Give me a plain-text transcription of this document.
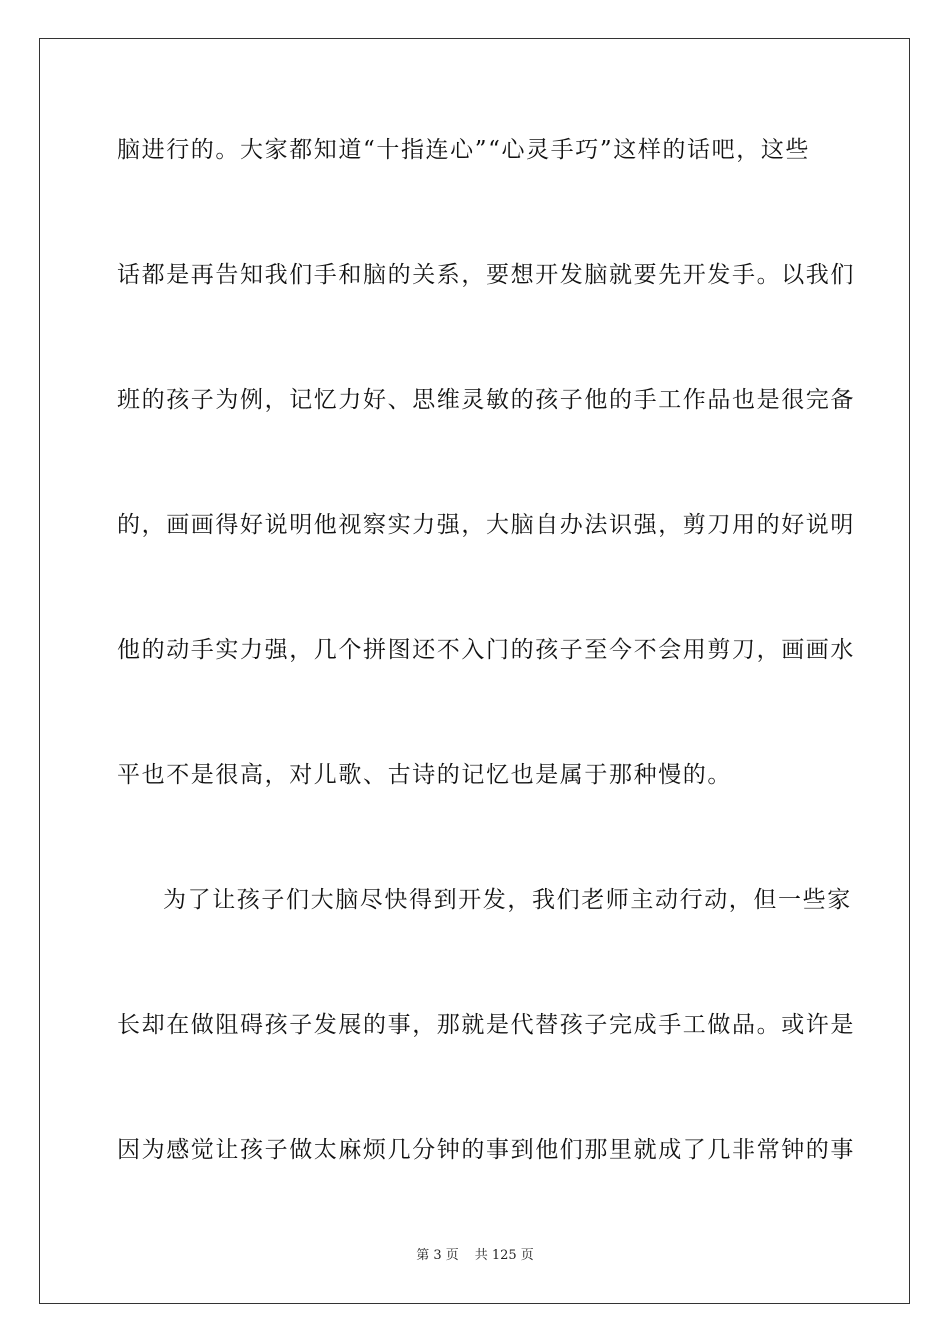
脑进行的。大家都知道“十指连心”“心灵手巧”这样的话吧，这些
话都是再告知我们手和脑的关系，要想开发脑就要先开发手。以我们
班的孩子为例，记忆力好、思维灵敏的孩子他的手工作品也是很完备
的，画画得好说明他视察实力强，大脑自办法识强，剪刀用的好说明
他的动手实力强，几个拼图还不入门的孩子至今不会用剪刀，画画水
平也不是很高，对儿歌、古诗的记忆也是属于那种慢的。
为了让孩子们大脑尽快得到开发，我们老师主动行动，但一些家
长却在做阻碍孩子发展的事，那就是代替孩子完成手工做品。或许是
因为感觉让孩子做太麻烦几分钟的事到他们那里就成了几非常钟的事
第 3 页 共 125 页
